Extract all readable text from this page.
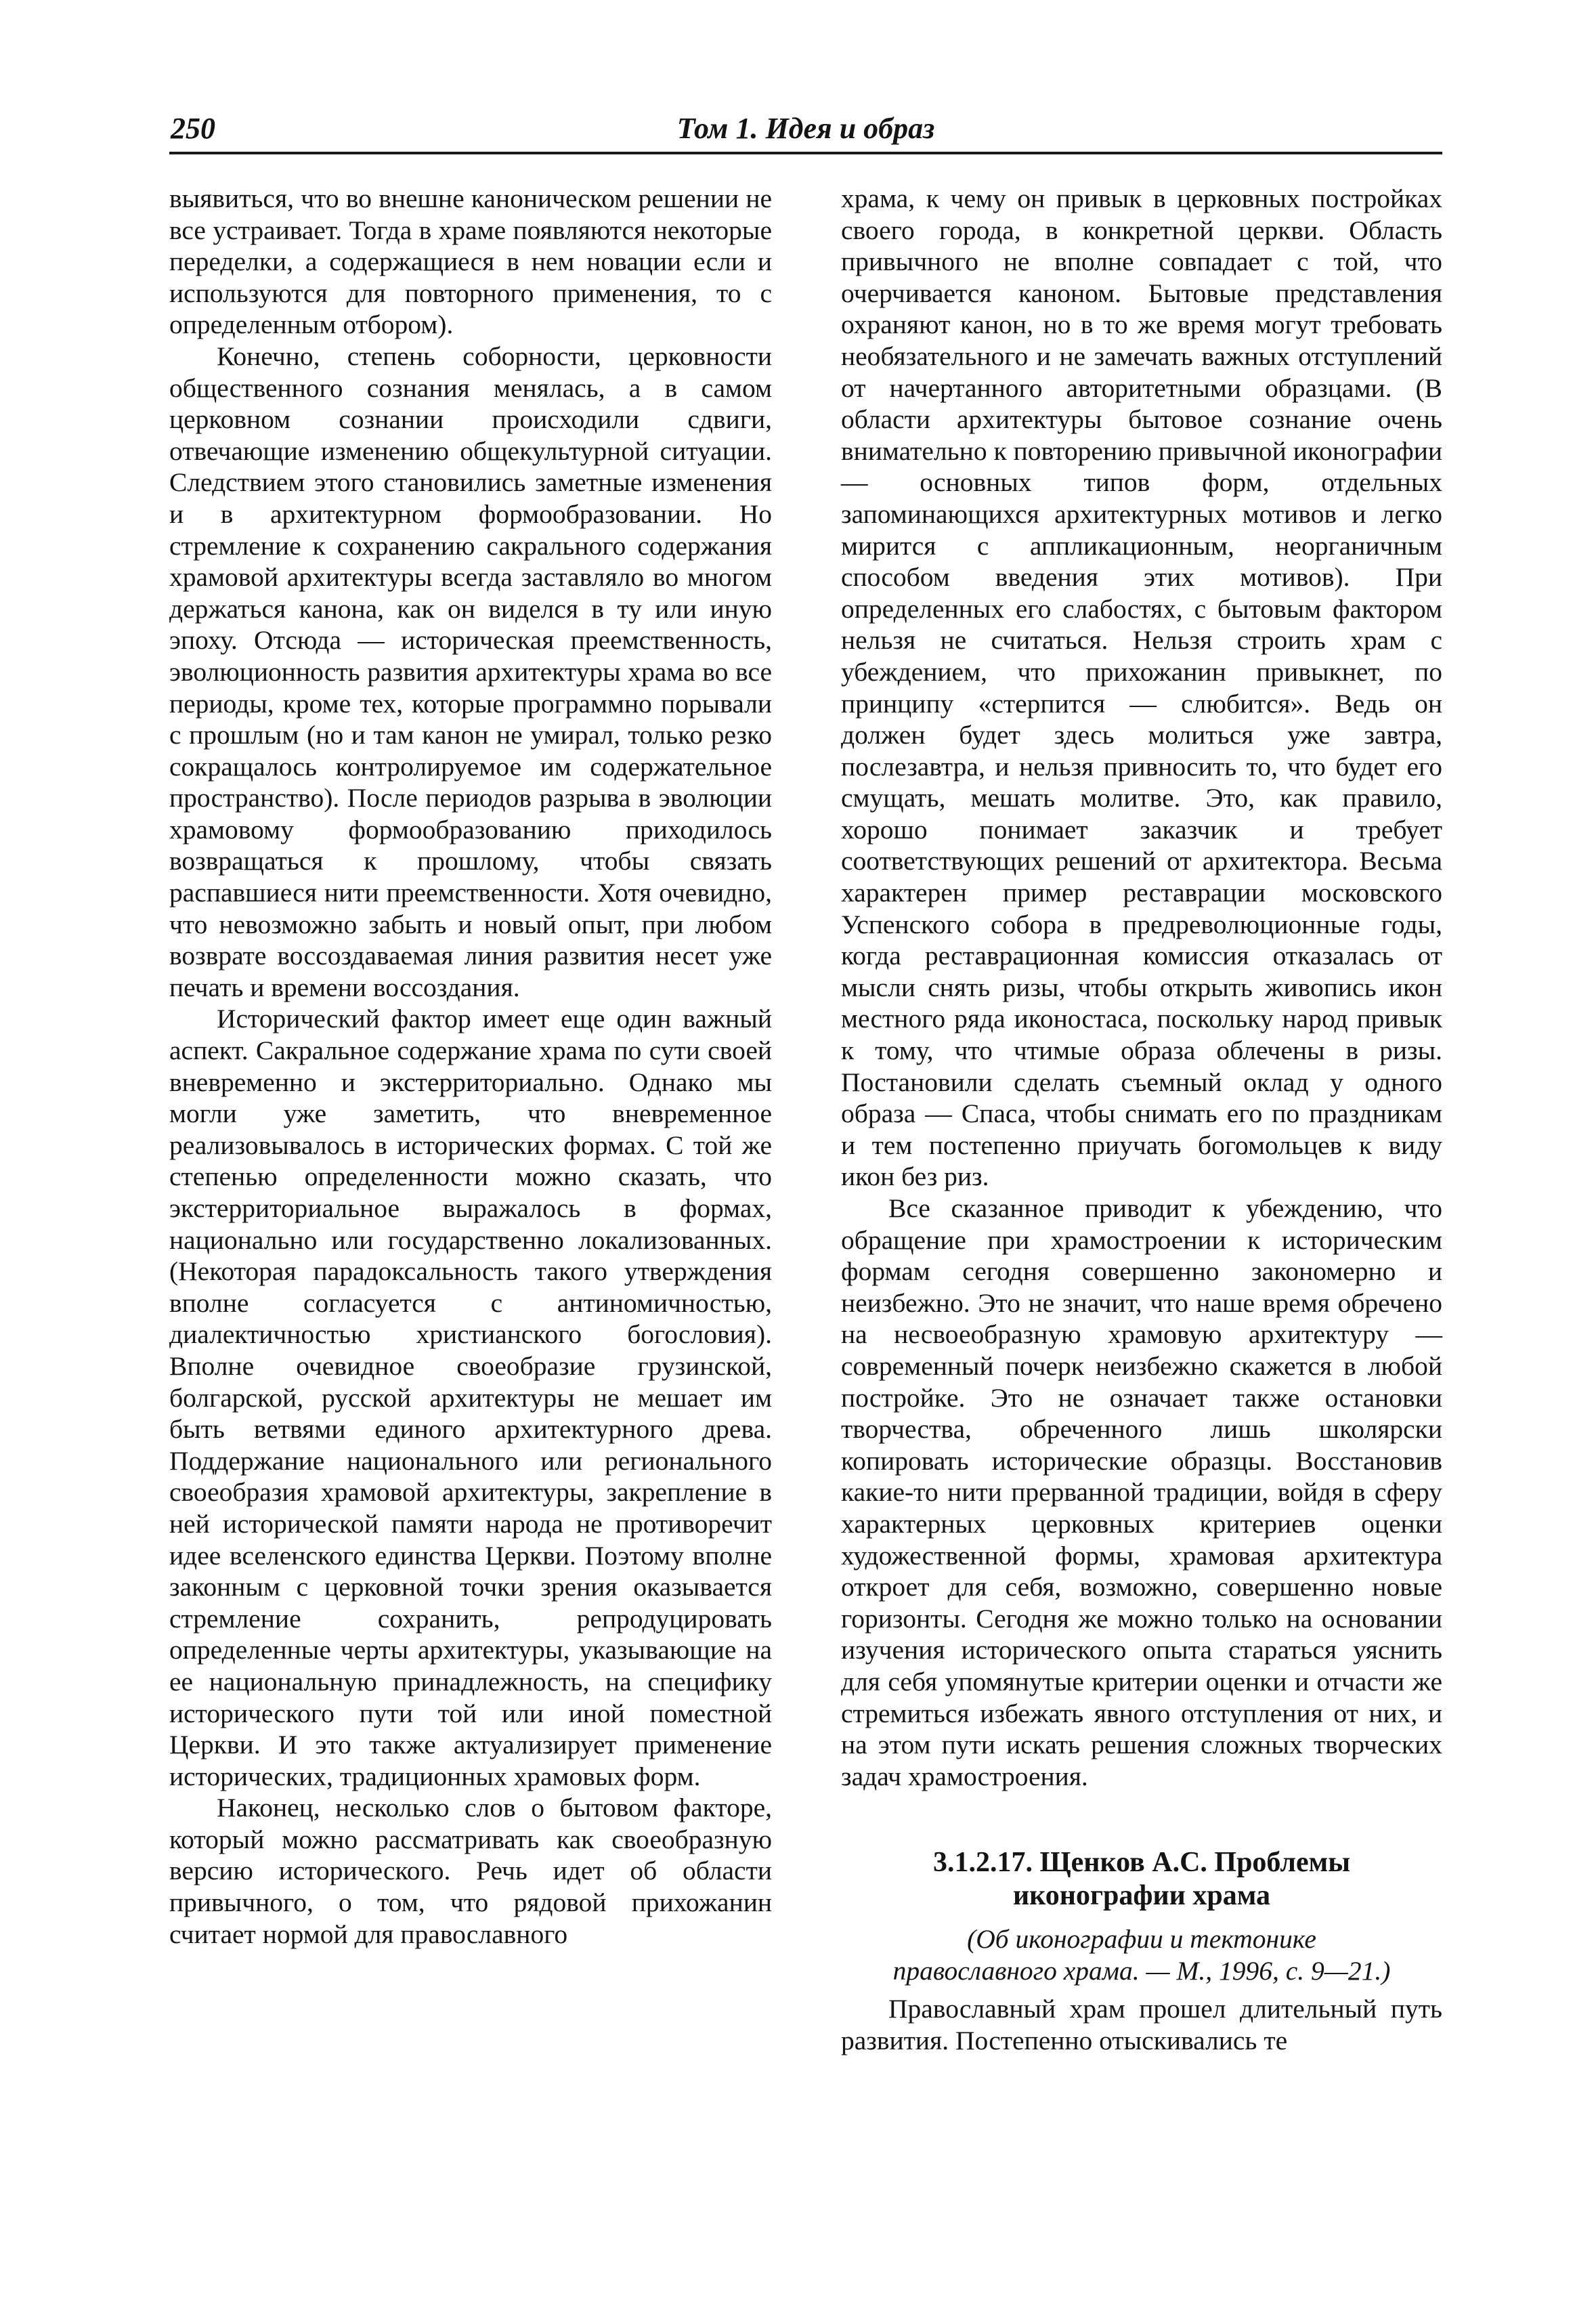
250	Том 1. Идея и образ

выявиться, что во внешне каноническом решении не все устраивает. Тогда в храме появляются некоторые переделки, а содержащиеся в нем новации если и используются для повторного применения, то с определенным отбором).

Конечно, степень соборности, церковности общественного сознания менялась, а в самом церковном сознании происходили сдвиги, отвечающие изменению общекультурной ситуации. Следствием этого становились заметные изменения и в архитектурном формообразовании. Но стремление к сохранению сакрального содержания храмовой архитектуры всегда заставляло во многом держаться канона, как он виделся в ту или иную эпоху. Отсюда — историческая преемственность, эволюционность развития архитектуры храма во все периоды, кроме тех, которые программно порывали с прошлым (но и там канон не умирал, только резко сокращалось контролируемое им содержательное пространство). После периодов разрыва в эволюции храмовому формообразованию приходилось возвращаться к прошлому, чтобы связать распавшиеся нити преемственности. Хотя очевидно, что невозможно забыть и новый опыт, при любом возврате воссоздаваемая линия развития несет уже печать и времени воссоздания.

Исторический фактор имеет еще один важный аспект. Сакральное содержание храма по сути своей вневременно и экстерриториально. Однако мы могли уже заметить, что вневременное реализовывалось в исторических формах. С той же степенью определенности можно сказать, что экстерриториальное выражалось в формах, национально или государственно локализованных. (Некоторая парадоксальность такого утверждения вполне согласуется с антиномичностью, диалектичностью христианского богословия). Вполне очевидное своеобразие грузинской, болгарской, русской архитектуры не мешает им быть ветвями единого архитектурного древа. Поддержание национального или регионального своеобразия храмовой архитектуры, закрепление в ней исторической памяти народа не противоречит идее вселенского единства Церкви. Поэтому вполне законным с церковной точки зрения оказывается стремление сохранить, репродуцировать определенные черты архитектуры, указывающие на ее национальную принадлежность, на специфику исторического пути той или иной поместной Церкви. И это также актуализирует применение исторических, традиционных храмовых форм.

Наконец, несколько слов о бытовом факторе, который можно рассматривать как своеобразную версию исторического. Речь идет об области привычного, о том, что рядовой прихожанин считает нормой для православного

храма, к чему он привык в церковных постройках своего города, в конкретной церкви. Область привычного не вполне совпадает с той, что очерчивается каноном. Бытовые представления охраняют канон, но в то же время могут требовать необязательного и не замечать важных отступлений от начертанного авторитетными образцами. (В области архитектуры бытовое сознание очень внимательно к повторению привычной иконографии — основных типов форм, отдельных запоминающихся архитектурных мотивов и легко мирится с аппликационным, неорганичным способом введения этих мотивов). При определенных его слабостях, с бытовым фактором нельзя не считаться. Нельзя строить храм с убеждением, что прихожанин привыкнет, по принципу «стерпится — слюбится». Ведь он должен будет здесь молиться уже завтра, послезавтра, и нельзя привносить то, что будет его смущать, мешать молитве. Это, как правило, хорошо понимает заказчик и требует соответствующих решений от архитектора. Весьма характерен пример реставрации московского Успенского собора в предреволюционные годы, когда реставрационная комиссия отказалась от мысли снять ризы, чтобы открыть живопись икон местного ряда иконостаса, поскольку народ привык к тому, что чтимые образа облечены в ризы. Постановили сделать съемный оклад у одного образа — Спаса, чтобы снимать его по праздникам и тем постепенно приучать богомольцев к виду икон без риз.

Все сказанное приводит к убеждению, что обращение при храмостроении к историческим формам сегодня совершенно закономерно и неизбежно. Это не значит, что наше время обречено на несвоеобразную храмовую архитектуру — современный почерк неизбежно скажется в любой постройке. Это не означает также остановки творчества, обреченного лишь школярски копировать исторические образцы. Восстановив какие-то нити прерванной традиции, войдя в сферу характерных церковных критериев оценки художественной формы, храмовая архитектура откроет для себя, возможно, совершенно новые горизонты. Сегодня же можно только на основании изучения исторического опыта стараться уяснить для себя упомянутые критерии оценки и отчасти же стремиться избежать явного отступления от них, и на этом пути искать решения сложных творческих задач храмостроения.

3.1.2.17. Щенков А.С. Проблемы
иконографии храма
(Об иконографии и тектонике
православного храма. — М., 1996, с. 9—21.)

Православный храм прошел длительный путь развития. Постепенно отыскивались те
